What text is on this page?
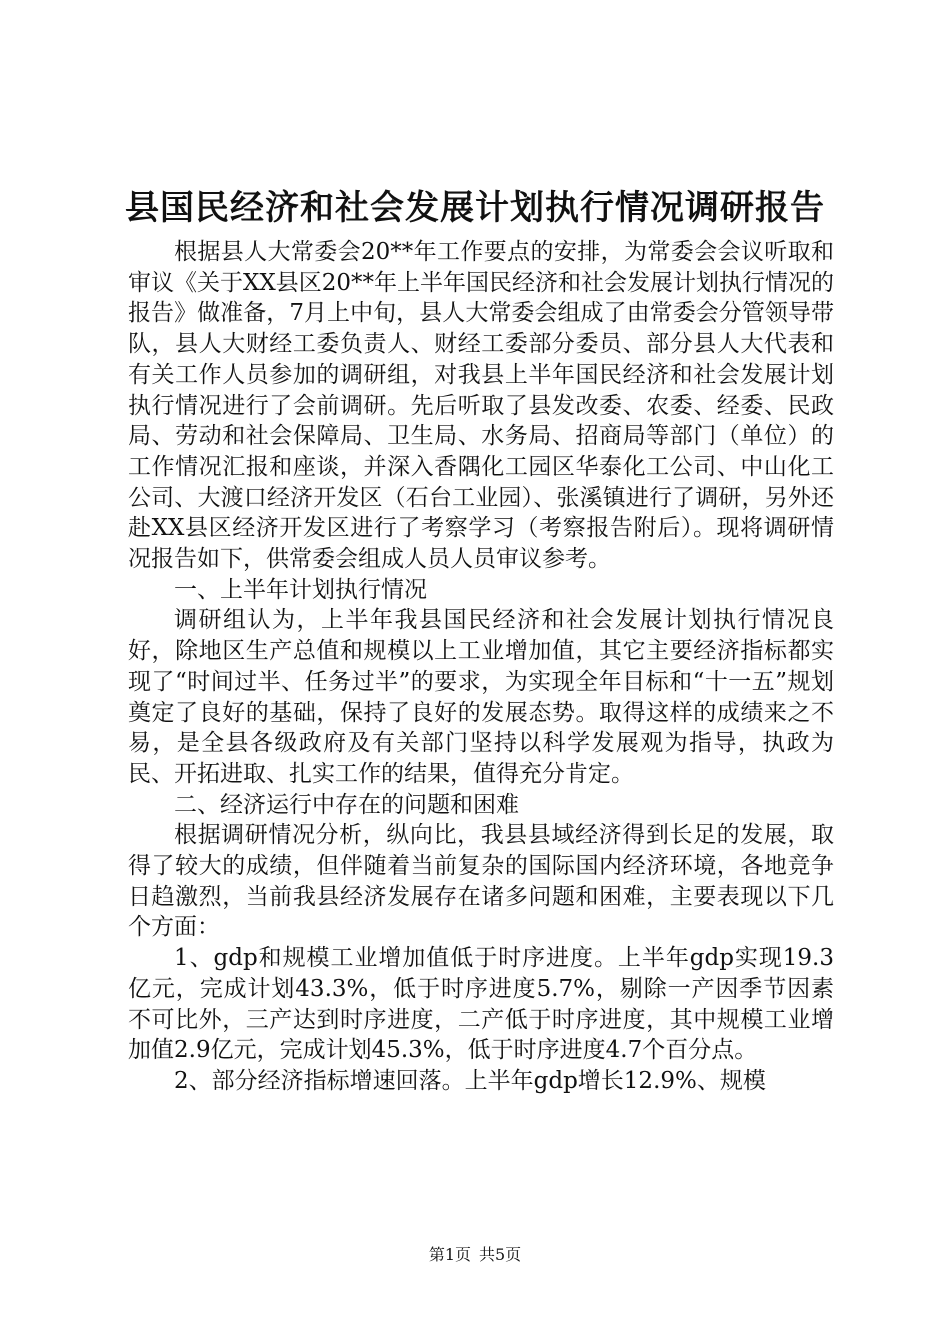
县国民经济和社会发展计划执行情况调研报告

根据县人大常委会20**年工作要点的安排，为常委会会议听取和审议《关于XX县区20**年上半年国民经济和社会发展计划执行情况的报告》做准备，7月上中旬，县人大常委会组成了由常委会分管领导带队，县人大财经工委负责人、财经工委部分委员、部分县人大代表和有关工作人员参加的调研组，对我县上半年国民经济和社会发展计划执行情况进行了会前调研。先后听取了县发改委、农委、经委、民政局、劳动和社会保障局、卫生局、水务局、招商局等部门（单位）的工作情况汇报和座谈，并深入香隅化工园区华泰化工公司、中山化工公司、大渡口经济开发区（石台工业园）、张溪镇进行了调研，另外还赴XX县区经济开发区进行了考察学习（考察报告附后）。现将调研情况报告如下，供常委会组成人员人员审议参考。

一、上半年计划执行情况

调研组认为，上半年我县国民经济和社会发展计划执行情况良好，除地区生产总值和规模以上工业增加值，其它主要经济指标都实现了“时间过半、任务过半”的要求，为实现全年目标和“十一五”规划奠定了良好的基础，保持了良好的发展态势。取得这样的成绩来之不易，是全县各级政府及有关部门坚持以科学发展观为指导，执政为民、开拓进取、扎实工作的结果，值得充分肯定。

二、经济运行中存在的问题和困难

根据调研情况分析，纵向比，我县县域经济得到长足的发展，取得了较大的成绩，但伴随着当前复杂的国际国内经济环境，各地竞争日趋激烈，当前我县经济发展存在诸多问题和困难，主要表现以下几个方面：

1、gdp和规模工业增加值低于时序进度。上半年gdp实现19.3亿元，完成计划43.3%，低于时序进度5.7%，剔除一产因季节因素不可比外，三产达到时序进度，二产低于时序进度，其中规模工业增加值2.9亿元，完成计划45.3%，低于时序进度4.7个百分点。

2、部分经济指标增速回落。上半年gdp增长12.9%、规模

第1页 共5页
